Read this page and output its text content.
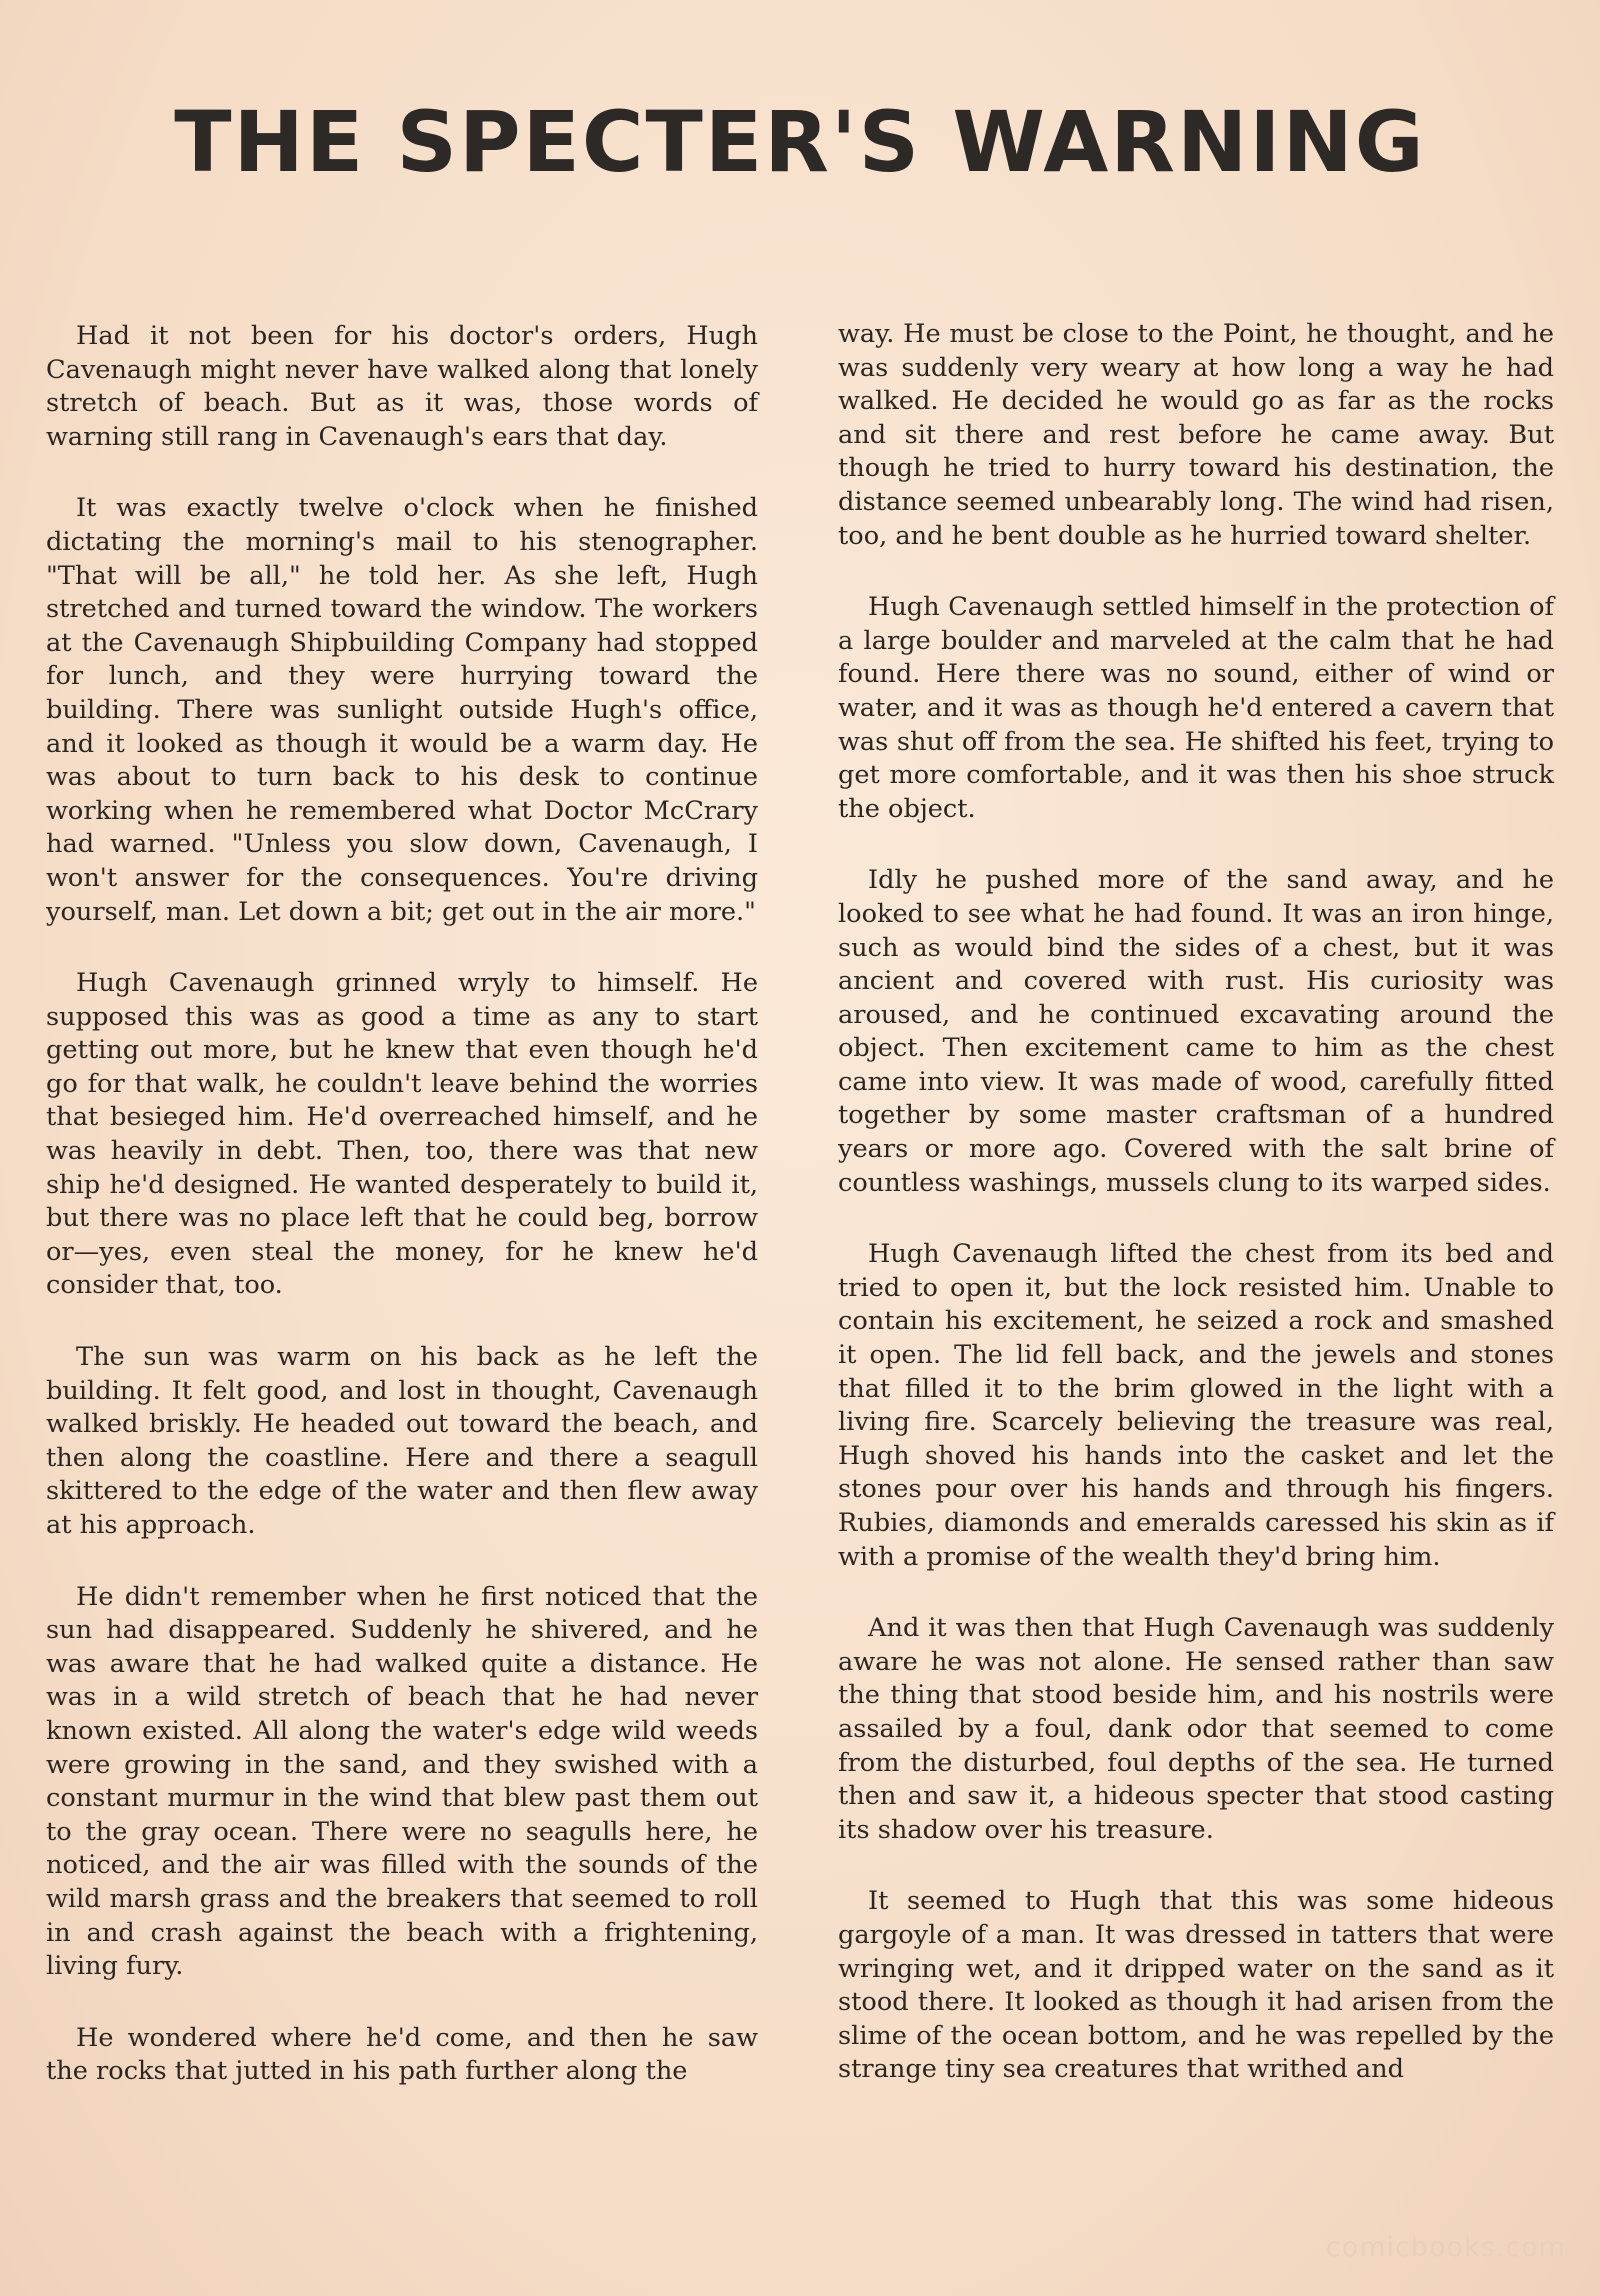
THE SPECTER'S WARNING

Had it not been for his doctor's orders, Hugh Cavenaugh might never have walked along that lonely stretch of beach. But as it was, those words of warning still rang in Cavenaugh's ears that day.

It was exactly twelve o'clock when he finished dictating the morning's mail to his stenographer. "That will be all," he told her. As she left, Hugh stretched and turned toward the window. The workers at the Cavenaugh Shipbuilding Company had stopped for lunch, and they were hurrying toward the building. There was sunlight outside Hugh's office, and it looked as though it would be a warm day. He was about to turn back to his desk to continue working when he remembered what Doctor McCrary had warned. "Unless you slow down, Cavenaugh, I won't answer for the consequences. You're driving yourself, man. Let down a bit; get out in the air more."

Hugh Cavenaugh grinned wryly to himself. He supposed this was as good a time as any to start getting out more, but he knew that even though he'd go for that walk, he couldn't leave behind the worries that besieged him. He'd overreached himself, and he was heavily in debt. Then, too, there was that new ship he'd designed. He wanted desperately to build it, but there was no place left that he could beg, borrow or—yes, even steal the money, for he knew he'd consider that, too.

The sun was warm on his back as he left the building. It felt good, and lost in thought, Cavenaugh walked briskly. He headed out toward the beach, and then along the coastline. Here and there a seagull skittered to the edge of the water and then flew away at his approach.

He didn't remember when he first noticed that the sun had disappeared. Suddenly he shivered, and he was aware that he had walked quite a distance. He was in a wild stretch of beach that he had never known existed. All along the water's edge wild weeds were growing in the sand, and they swished with a constant murmur in the wind that blew past them out to the gray ocean. There were no seagulls here, he noticed, and the air was filled with the sounds of the wild marsh grass and the breakers that seemed to roll in and crash against the beach with a frightening, living fury.

He wondered where he'd come, and then he saw the rocks that jutted in his path further along the

way. He must be close to the Point, he thought, and he was suddenly very weary at how long a way he had walked. He decided he would go as far as the rocks and sit there and rest before he came away. But though he tried to hurry toward his destination, the distance seemed unbearably long. The wind had risen, too, and he bent double as he hurried toward shelter.

Hugh Cavenaugh settled himself in the protection of a large boulder and marveled at the calm that he had found. Here there was no sound, either of wind or water, and it was as though he'd entered a cavern that was shut off from the sea. He shifted his feet, trying to get more comfortable, and it was then his shoe struck the object.

Idly he pushed more of the sand away, and he looked to see what he had found. It was an iron hinge, such as would bind the sides of a chest, but it was ancient and covered with rust. His curiosity was aroused, and he continued excavating around the object. Then excitement came to him as the chest came into view. It was made of wood, carefully fitted together by some master craftsman of a hundred years or more ago. Covered with the salt brine of countless washings, mussels clung to its warped sides.

Hugh Cavenaugh lifted the chest from its bed and tried to open it, but the lock resisted him. Unable to contain his excitement, he seized a rock and smashed it open. The lid fell back, and the jewels and stones that filled it to the brim glowed in the light with a living fire. Scarcely believing the treasure was real, Hugh shoved his hands into the casket and let the stones pour over his hands and through his fingers. Rubies, diamonds and emeralds caressed his skin as if with a promise of the wealth they'd bring him.

And it was then that Hugh Cavenaugh was suddenly aware he was not alone. He sensed rather than saw the thing that stood beside him, and his nostrils were assailed by a foul, dank odor that seemed to come from the disturbed, foul depths of the sea. He turned then and saw it, a hideous specter that stood casting its shadow over his treasure.

It seemed to Hugh that this was some hideous gargoyle of a man. It was dressed in tatters that were wringing wet, and it dripped water on the sand as it stood there. It looked as though it had arisen from the slime of the ocean bottom, and he was repelled by the strange tiny sea creatures that writhed and

comicbooks.com
